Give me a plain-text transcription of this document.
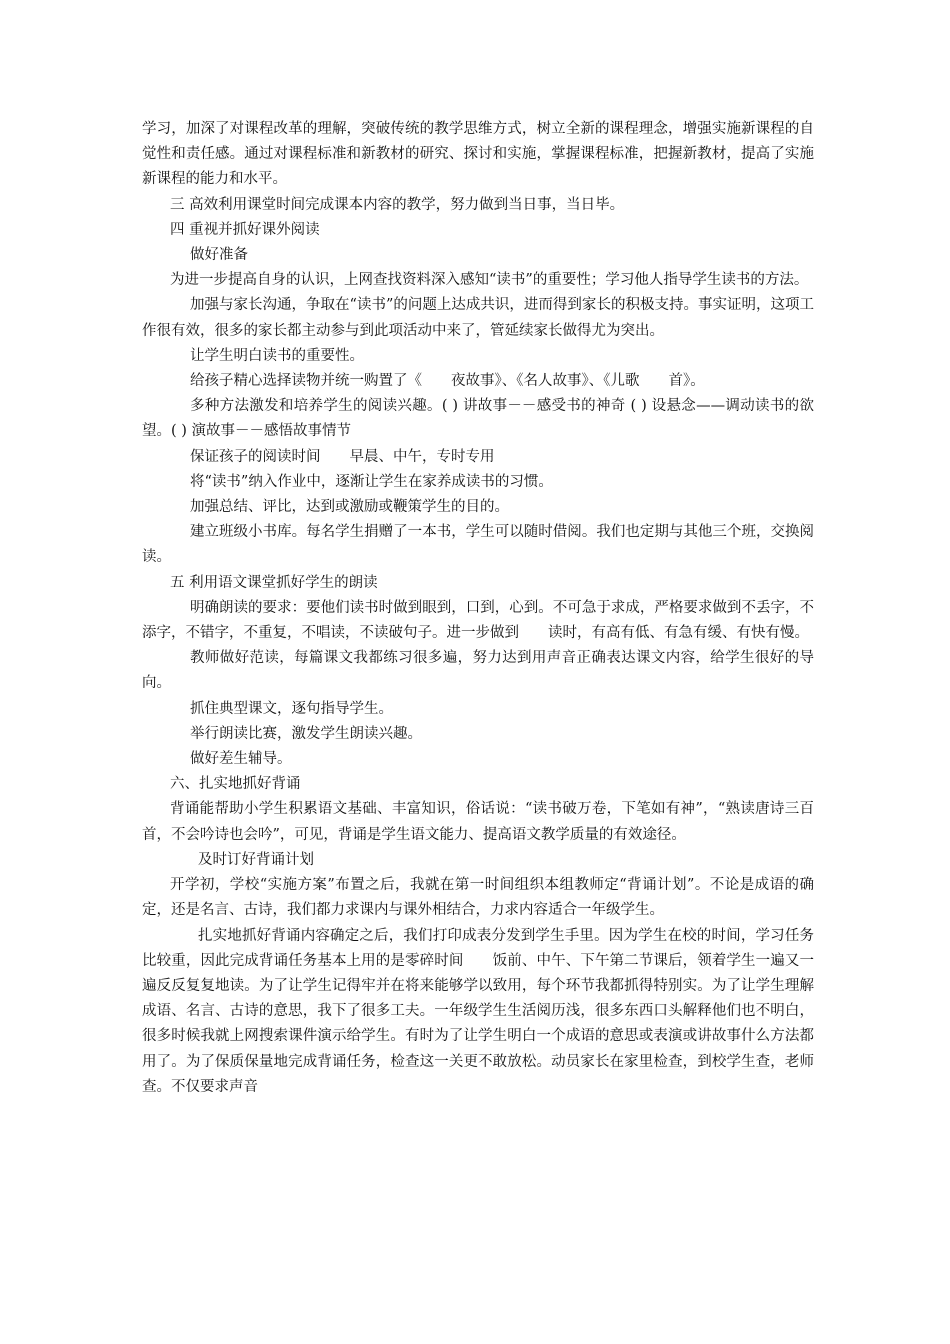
学习，加深了对课程改革的理解，突破传统的教学思维方式，树立全新的课程理念，增强实施新课程的自觉性和责任感。通过对课程标准和新教材的研究、探讨和实施，掌握课程标准，把握新教材，提高了实施新课程的能力和水平。

三 高效利用课堂时间完成课本内容的教学，努力做到当日事，当日毕。

四 重视并抓好课外阅读

做好准备

为进一步提高自身的认识，上网查找资料深入感知“读书”的重要性；学习他人指导学生读书的方法。

加强与家长沟通，争取在“读书”的问题上达成共识，进而得到家长的积极支持。事实证明，这项工作很有效，很多的家长都主动参与到此项活动中来了，管延续家长做得尤为突出。

让学生明白读书的重要性。

给孩子精心选择读物并统一购置了《　　夜故事》、《名人故事》、《儿歌　　首》。

多种方法激发和培养学生的阅读兴趣。( ) 讲故事－－感受书的神奇 ( ) 设悬念——调动读书的欲望。( ) 演故事－－感悟故事情节

保证孩子的阅读时间　　早晨、中午，专时专用

将“读书”纳入作业中，逐渐让学生在家养成读书的习惯。

加强总结、评比，达到或激励或鞭策学生的目的。

建立班级小书库。每名学生捐赠了一本书，学生可以随时借阅。我们也定期与其他三个班，交换阅读。

五 利用语文课堂抓好学生的朗读

明确朗读的要求：要他们读书时做到眼到，口到，心到。不可急于求成，严格要求做到不丢字，不添字，不错字，不重复，不唱读，不读破句子。进一步做到　　读时，有高有低、有急有缓、有快有慢。

教师做好范读，每篇课文我都练习很多遍，努力达到用声音正确表达课文内容，给学生很好的导向。

抓住典型课文，逐句指导学生。

举行朗读比赛，激发学生朗读兴趣。

做好差生辅导。

六、扎实地抓好背诵

背诵能帮助小学生积累语文基础、丰富知识，俗话说：“读书破万卷，下笔如有神”，“熟读唐诗三百首，不会吟诗也会吟”，可见，背诵是学生语文能力、提高语文教学质量的有效途径。

及时订好背诵计划

开学初，学校“实施方案”布置之后，我就在第一时间组织本组教师定“背诵计划”。不论是成语的确定，还是名言、古诗，我们都力求课内与课外相结合，力求内容适合一年级学生。

扎实地抓好背诵内容确定之后，我们打印成表分发到学生手里。因为学生在校的时间，学习任务比较重，因此完成背诵任务基本上用的是零碎时间　　饭前、中午、下午第二节课后，领着学生一遍又一遍反反复复地读。为了让学生记得牢并在将来能够学以致用，每个环节我都抓得特别实。为了让学生理解成语、名言、古诗的意思，我下了很多工夫。一年级学生生活阅历浅，很多东西口头解释他们也不明白，很多时候我就上网搜索课件演示给学生。有时为了让学生明白一个成语的意思或表演或讲故事什么方法都用了。为了保质保量地完成背诵任务，检查这一关更不敢放松。动员家长在家里检查，到校学生查，老师查。不仅要求声音
